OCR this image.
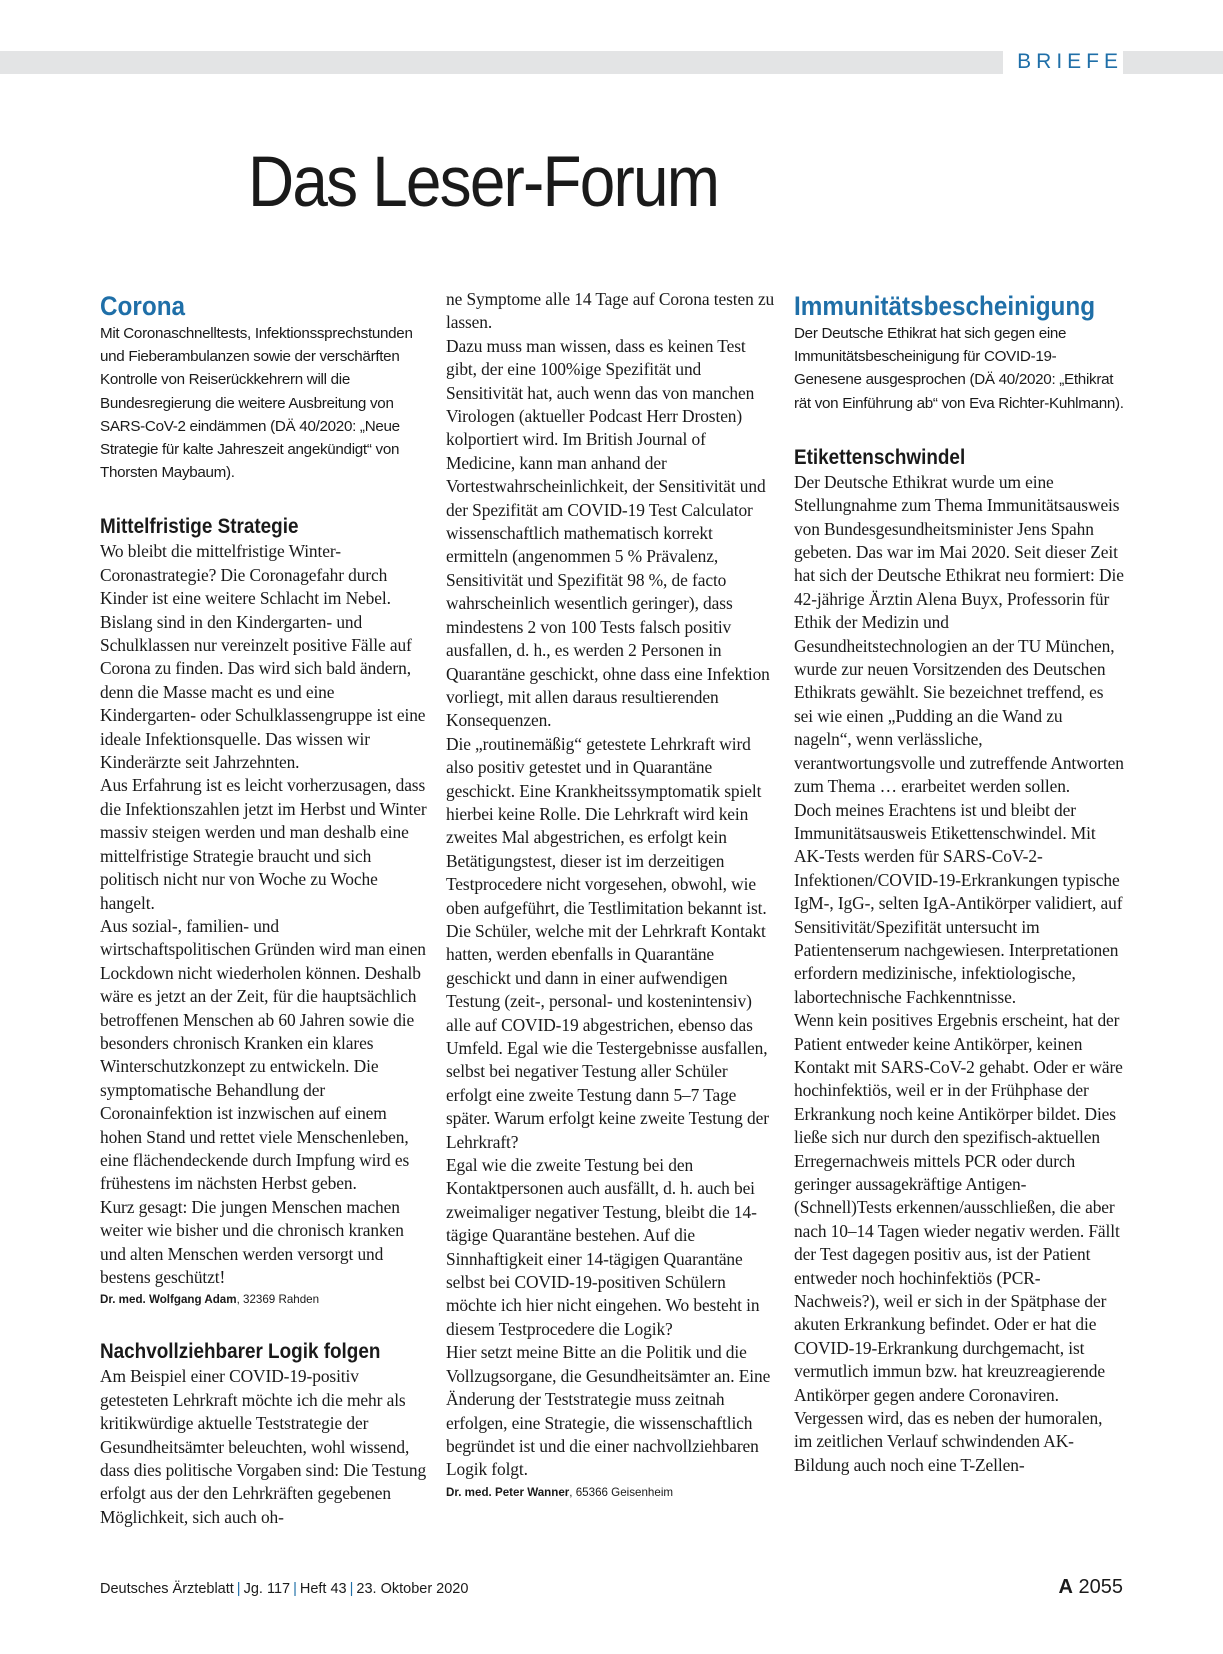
BRIEFE
Das Leser-Forum
Corona

Mit Coronaschnelltests, Infektionssprechstunden und Fieberambulanzen sowie der verschärften Kontrolle von Reiserückkehrern will die Bundesregierung die weitere Ausbreitung von SARS-CoV-2 eindämmen (DÄ 40/2020: „Neue Strategie für kalte Jahreszeit angekündigt“ von Thorsten Maybaum).

Mittelfristige Strategie

Wo bleibt die mittelfristige Winter-Coronastrategie? Die Coronagefahr durch Kinder ist eine weitere Schlacht im Nebel. Bislang sind in den Kindergarten- und Schulklassen nur vereinzelt positive Fälle auf Corona zu finden. Das wird sich bald ändern, denn die Masse macht es und eine Kindergarten- oder Schulklassengruppe ist eine ideale Infektionsquelle. Das wissen wir Kinderärzte seit Jahrzehnten.

Aus Erfahrung ist es leicht vorherzusagen, dass die Infektionszahlen jetzt im Herbst und Winter massiv steigen werden und man deshalb eine mittelfristige Strategie braucht und sich politisch nicht nur von Woche zu Woche hangelt.

Aus sozial-, familien- und wirtschaftspolitischen Gründen wird man einen Lockdown nicht wiederholen können. Deshalb wäre es jetzt an der Zeit, für die hauptsächlich betroffenen Menschen ab 60 Jahren sowie die besonders chronisch Kranken ein klares Winterschutzkonzept zu entwickeln. Die symptomatische Behandlung der Coronainfektion ist inzwischen auf einem hohen Stand und rettet viele Menschenleben, eine flächendeckende durch Impfung wird es frühestens im nächsten Herbst geben.

Kurz gesagt: Die jungen Menschen machen weiter wie bisher und die chronisch kranken und alten Menschen werden versorgt und bestens geschützt!

Dr. med. Wolfgang Adam, 32369 Rahden

Nachvollziehbarer Logik folgen

Am Beispiel einer COVID-19-positiv getesteten Lehrkraft möchte ich die mehr als kritikwürdige aktuelle Teststrategie der Gesundheitsämter beleuchten, wohl wissend, dass dies politische Vorgaben sind: Die Testung erfolgt aus der den Lehrkräften gegebenen Möglichkeit, sich auch oh-

ne Symptome alle 14 Tage auf Corona testen zu lassen.

Dazu muss man wissen, dass es keinen Test gibt, der eine 100%ige Spezifität und Sensitivität hat, auch wenn das von manchen Virologen (aktueller Podcast Herr Drosten) kolportiert wird. Im British Journal of Medicine, kann man anhand der Vortestwahrscheinlichkeit, der Sensitivität und der Spezifität am COVID-19 Test Calculator wissenschaftlich mathematisch korrekt ermitteln (angenommen 5 % Prävalenz, Sensitivität und Spezifität 98 %, de facto wahrscheinlich wesentlich geringer), dass mindestens 2 von 100 Tests falsch positiv ausfallen, d. h., es werden 2 Personen in Quarantäne geschickt, ohne dass eine Infektion vorliegt, mit allen daraus resultierenden Konsequenzen.

Die „routinemäßig“ getestete Lehrkraft wird also positiv getestet und in Quarantäne geschickt. Eine Krankheitssymptomatik spielt hierbei keine Rolle. Die Lehrkraft wird kein zweites Mal abgestrichen, es erfolgt kein Betätigungstest, dieser ist im derzeitigen Testprocedere nicht vorgesehen, obwohl, wie oben aufgeführt, die Testlimitation bekannt ist.

Die Schüler, welche mit der Lehrkraft Kontakt hatten, werden ebenfalls in Quarantäne geschickt und dann in einer aufwendigen Testung (zeit-, personal- und kostenintensiv) alle auf COVID-19 abgestrichen, ebenso das Umfeld. Egal wie die Testergebnisse ausfallen, selbst bei negativer Testung aller Schüler erfolgt eine zweite Testung dann 5–7 Tage später. Warum erfolgt keine zweite Testung der Lehrkraft?

Egal wie die zweite Testung bei den Kontaktpersonen auch ausfällt, d. h. auch bei zweimaliger negativer Testung, bleibt die 14-tägige Quarantäne bestehen. Auf die Sinnhaftigkeit einer 14-tägigen Quarantäne selbst bei COVID-19-positiven Schülern möchte ich hier nicht eingehen. Wo besteht in diesem Testprocedere die Logik?

Hier setzt meine Bitte an die Politik und die Vollzugsorgane, die Gesundheitsämter an. Eine Änderung der Teststrategie muss zeitnah erfolgen, eine Strategie, die wissenschaftlich begründet ist und die einer nachvollziehbaren Logik folgt.

Dr. med. Peter Wanner, 65366 Geisenheim

Immunitätsbescheinigung

Der Deutsche Ethikrat hat sich gegen eine Immunitätsbescheinigung für COVID-19-Genesene ausgesprochen (DÄ 40/2020: „Ethikrat rät von Einführung ab“ von Eva Richter-Kuhlmann).

Etikettenschwindel

Der Deutsche Ethikrat wurde um eine Stellungnahme zum Thema Immunitätsausweis von Bundesgesundheitsminister Jens Spahn gebeten. Das war im Mai 2020. Seit dieser Zeit hat sich der Deutsche Ethikrat neu formiert: Die 42-jährige Ärztin Alena Buyx, Professorin für Ethik der Medizin und Gesundheitstechnologien an der TU München, wurde zur neuen Vorsitzenden des Deutschen Ethikrats gewählt. Sie bezeichnet treffend, es sei wie einen „Pudding an die Wand zu nageln“, wenn verlässliche, verantwortungsvolle und zutreffende Antworten zum Thema … erarbeitet werden sollen.

Doch meines Erachtens ist und bleibt der Immunitätsausweis Etikettenschwindel. Mit AK-Tests werden für SARS-CoV-2-Infektionen/COVID-19-Erkrankungen typische IgM-, IgG-, selten IgA-Antikörper validiert, auf Sensitivität/Spezifität untersucht im Patientenserum nachgewiesen. Interpretationen erfordern medizinische, infektiologische, labortechnische Fachkenntnisse.

Wenn kein positives Ergebnis erscheint, hat der Patient entweder keine Antikörper, keinen Kontakt mit SARS-CoV-2 gehabt. Oder er wäre hochinfektiös, weil er in der Frühphase der Erkrankung noch keine Antikörper bildet. Dies ließe sich nur durch den spezifisch-aktuellen Erregernachweis mittels PCR oder durch geringer aussagekräftige Antigen-(Schnell)Tests erkennen/ausschließen, die aber nach 10–14 Tagen wieder negativ werden. Fällt der Test dagegen positiv aus, ist der Patient entweder noch hochinfektiös (PCR-Nachweis?), weil er sich in der Spätphase der akuten Erkrankung befindet. Oder er hat die COVID-19-Erkrankung durchgemacht, ist vermutlich immun bzw. hat kreuzreagierende Antikörper gegen andere Coronaviren. Vergessen wird, das es neben der humoralen, im zeitlichen Verlauf schwindenden AK-Bildung auch noch eine T-Zellen-

Deutsches Ärzteblatt | Jg. 117 | Heft 43 | 23. Oktober 2020	A 2055
